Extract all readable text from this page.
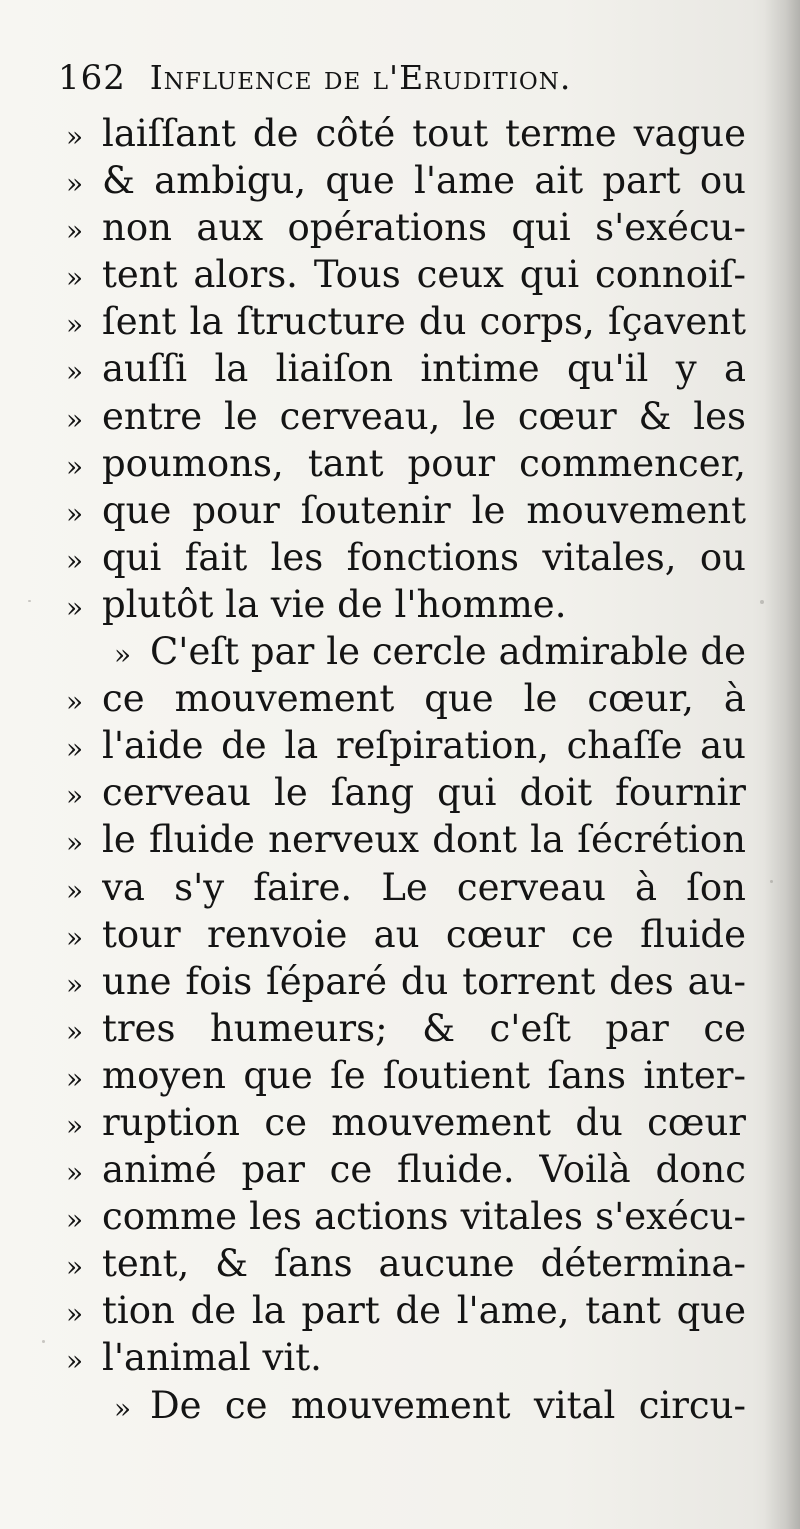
162 Influence de l'Erudition.
» laiſſant de côté tout terme vague
» & ambigu, que l'ame ait part ou
» non aux opérations qui s'exécu-
» tent alors. Tous ceux qui connoiſ-
» ſent la ſtructure du corps, ſçavent
» auſſi la liaiſon intime qu'il y a
» entre le cerveau, le cœur & les
» poumons, tant pour commencer,
» que pour ſoutenir le mouvement
» qui fait les fonctions vitales, ou
» plutôt la vie de l'homme.
» C'eſt par le cercle admirable de
» ce mouvement que le cœur, à
» l'aide de la reſpiration, chaſſe au
» cerveau le ſang qui doit fournir
» le fluide nerveux dont la ſécrétion
» va s'y faire. Le cerveau à ſon
» tour renvoie au cœur ce fluide
» une fois ſéparé du torrent des au-
» tres humeurs; & c'eſt par ce
» moyen que ſe ſoutient ſans inter-
» ruption ce mouvement du cœur
» animé par ce fluide. Voilà donc
» comme les actions vitales s'exécu-
» tent, & ſans aucune détermina-
» tion de la part de l'ame, tant que
» l'animal vit.
» De ce mouvement vital circu-
